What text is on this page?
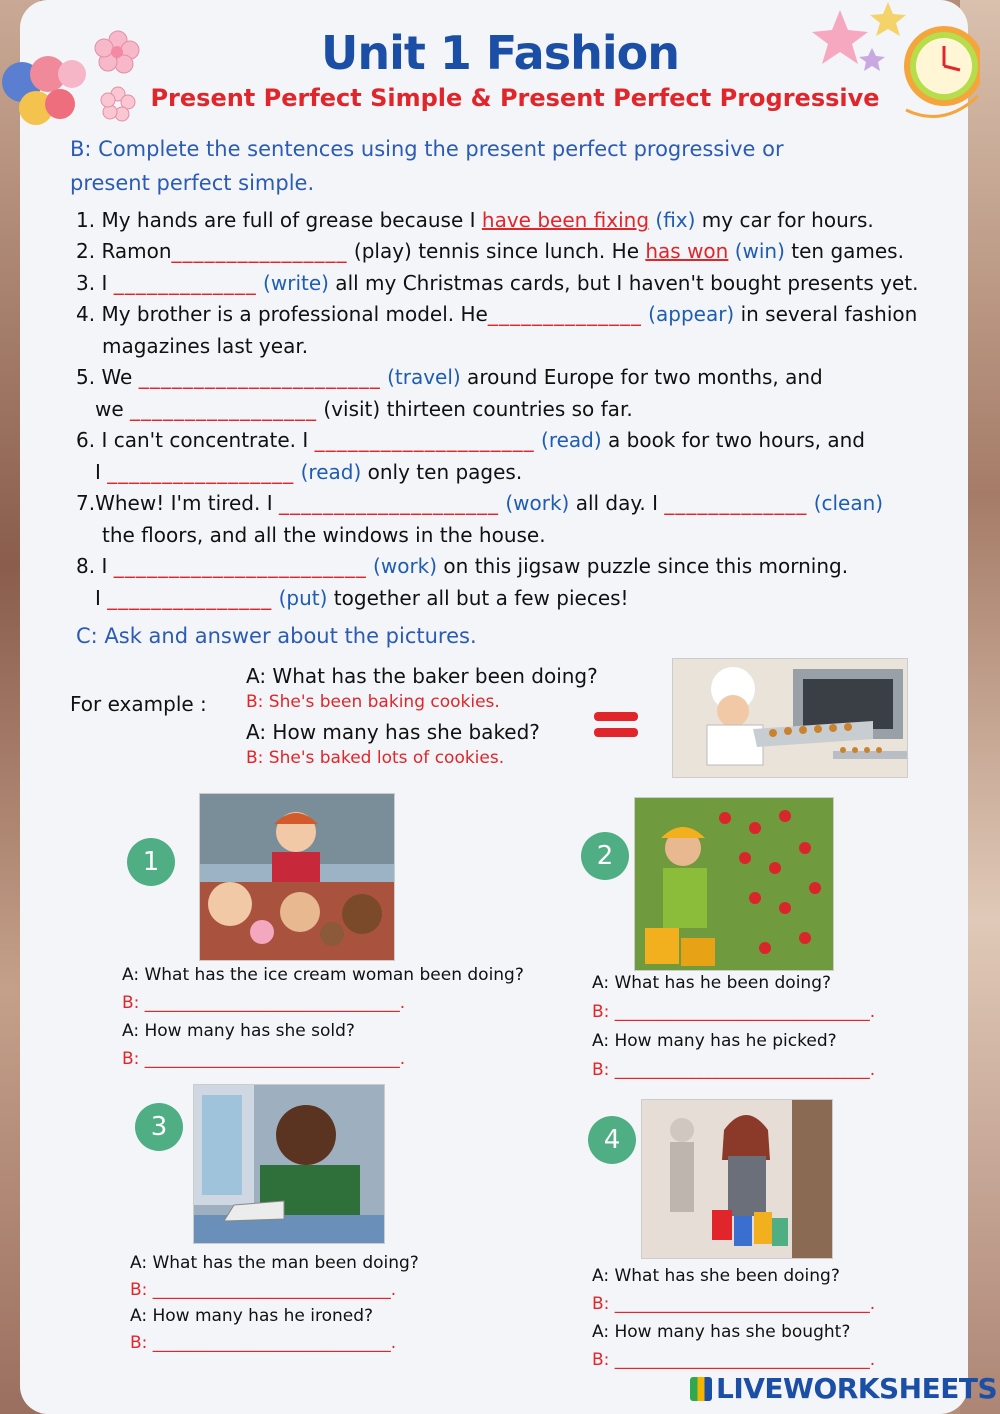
Unit 1 Fashion
Present Perfect Simple & Present Perfect Progressive
B: Complete the sentences using the present perfect progressive or present perfect simple.
1. My hands are full of grease because I have been fixing (fix) my car for hours.
2. Ramon________________ (play) tennis since lunch. He has won (win) ten games.
3. I _____________ (write) all my Christmas cards, but I haven't bought presents yet.
4. My brother is a professional model. He______________ (appear) in several fashion
magazines last year.
5. We ______________________ (travel) around Europe for two months, and
we _________________ (visit) thirteen countries so far.
6. I can't concentrate. I ____________________ (read) a book for two hours, and
I _________________ (read) only ten pages.
7.Whew! I'm tired. I ____________________ (work) all day. I _____________ (clean)
the floors, and all the windows in the house.
8. I _______________________ (work) on this jigsaw puzzle since this morning.
I _______________ (put) together all but a few pieces!
C: Ask and answer about the pictures.
For example :
A: What has the baker been doing?
B: She's been baking cookies.
A: How many has she baked?
B: She's baked lots of cookies.
1
A: What has the ice cream woman been doing?
B: ______________________________.
A: How many has she sold?
B: ______________________________.
2
A: What has he been doing?
B: ______________________________.
A: How many has he picked?
B: ______________________________.
3
A: What has the man been doing?
B: ____________________________.
A: How many has he ironed?
B: ____________________________.
4
A: What has she been doing?
B: ______________________________.
A: How many has she bought?
B: ______________________________.
LIVEWORKSHEETS
